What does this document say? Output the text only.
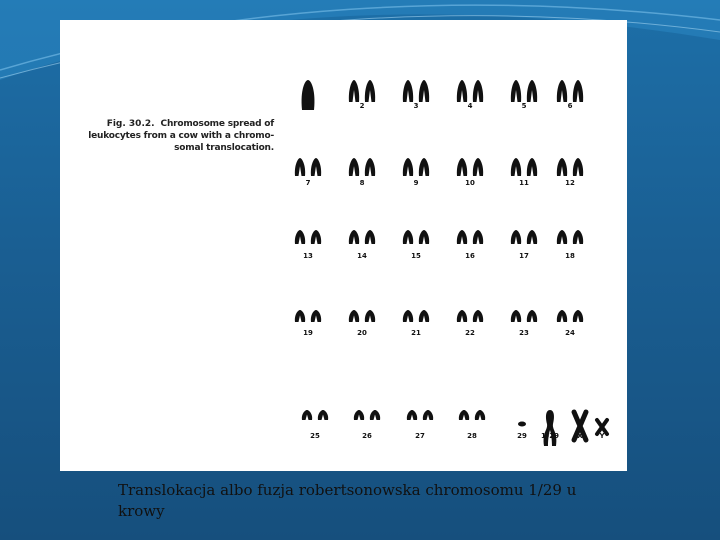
1	2	3	4	5	6
7	8	9	10	11	12
13	14	15	16	17	18
19	20	21	22	23	24
25	26	27	28	29 1–29	X Y
Fig. 30.2. Chromosome spread of
leukocytes from a cow with a chromo-
somal translocation.
Translokacja albo fuzja robertsonowska chromosomu 1/29 u
krowy
